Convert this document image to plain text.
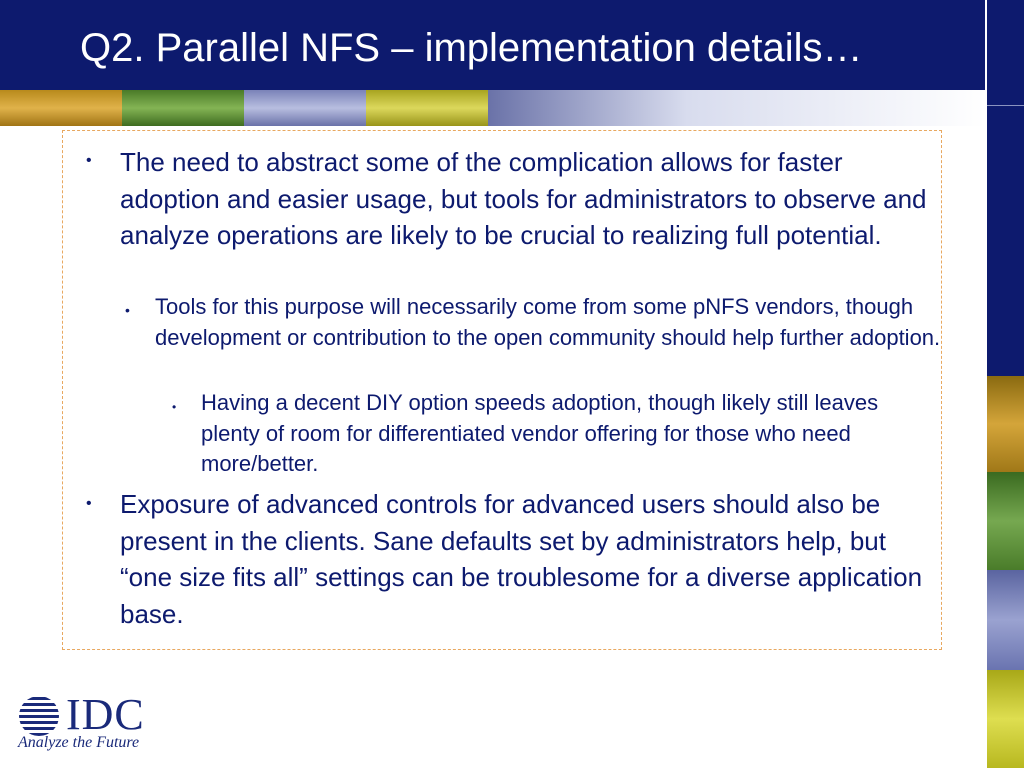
Q2. Parallel NFS – implementation details…
• The need to abstract some of the complication allows for faster adoption and easier usage, but tools for administrators to observe and analyze operations are likely to be crucial to realizing full potential.
• Tools for this purpose will necessarily come from some pNFS vendors, though development or contribution to the open community should help further adoption.
• Having a decent DIY option speeds adoption, though likely still leaves plenty of room for differentiated vendor offering for those who need more/better.
• Exposure of advanced controls for advanced users should also be present in the clients. Sane defaults set by administrators help, but “one size fits all” settings can be troublesome for a diverse application base.
IDC
Analyze the Future
